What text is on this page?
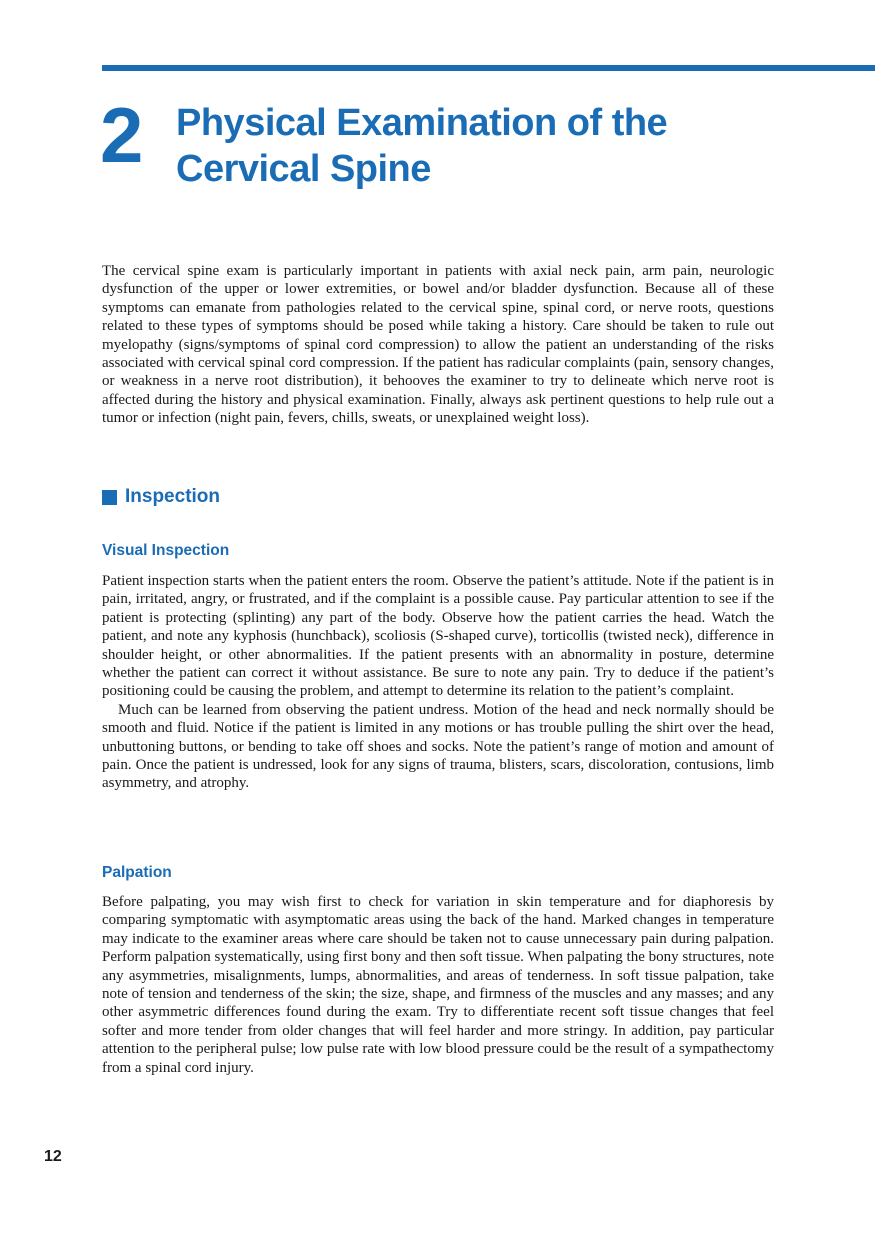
2 Physical Examination of the
Cervical Spine

The cervical spine exam is particularly important in patients with axial neck pain, arm pain, neurologic dysfunction of the upper or lower extremities, or bowel and/or bladder dysfunction. Because all of these symptoms can emanate from pathologies related to the cervical spine, spinal cord, or nerve roots, questions related to these types of symptoms should be posed while taking a history. Care should be taken to rule out myelopathy (signs/symptoms of spinal cord compression) to allow the patient an understanding of the risks associated with cervical spinal cord compression. If the patient has radicular complaints (pain, sensory changes, or weakness in a nerve root distribution), it behooves the examiner to try to delineate which nerve root is affected during the history and physical examination. Finally, always ask pertinent questions to help rule out a tumor or infection (night pain, fevers, chills, sweats, or unexplained weight loss).

Inspection
Visual Inspection

Patient inspection starts when the patient enters the room. Observe the patient’s attitude. Note if the patient is in pain, irritated, angry, or frustrated, and if the complaint is a possible cause. Pay particular attention to see if the patient is protecting (splinting) any part of the body. Observe how the patient carries the head. Watch the patient, and note any kyphosis (hunchback), scoliosis (S-shaped curve), torticollis (twisted neck), difference in shoulder height, or other abnormalities. If the patient presents with an abnormality in posture, determine whether the patient can correct it without assistance. Be sure to note any pain. Try to deduce if the patient’s positioning could be causing the problem, and attempt to determine its relation to the patient’s complaint.

Much can be learned from observing the patient undress. Motion of the head and neck normally should be smooth and fluid. Notice if the patient is limited in any motions or has trouble pulling the shirt over the head, unbuttoning buttons, or bending to take off shoes and socks. Note the patient’s range of motion and amount of pain. Once the patient is undressed, look for any signs of trauma, blisters, scars, discoloration, contusions, limb asymmetry, and atrophy.

Palpation

Before palpating, you may wish first to check for variation in skin temperature and for diaphoresis by comparing symptomatic with asymptomatic areas using the back of the hand. Marked changes in temperature may indicate to the examiner areas where care should be taken not to cause unnecessary pain during palpation. Perform palpation systematically, using first bony and then soft tissue. When palpating the bony structures, note any asymmetries, misalignments, lumps, abnormalities, and areas of tenderness. In soft tissue palpation, take note of tension and tenderness of the skin; the size, shape, and firmness of the muscles and any masses; and any other asymmetric differences found during the exam. Try to differentiate recent soft tissue changes that feel softer and more tender from older changes that will feel harder and more stringy. In addition, pay particular attention to the peripheral pulse; low pulse rate with low blood pressure could be the result of a sympathectomy from a spinal cord injury.

12
